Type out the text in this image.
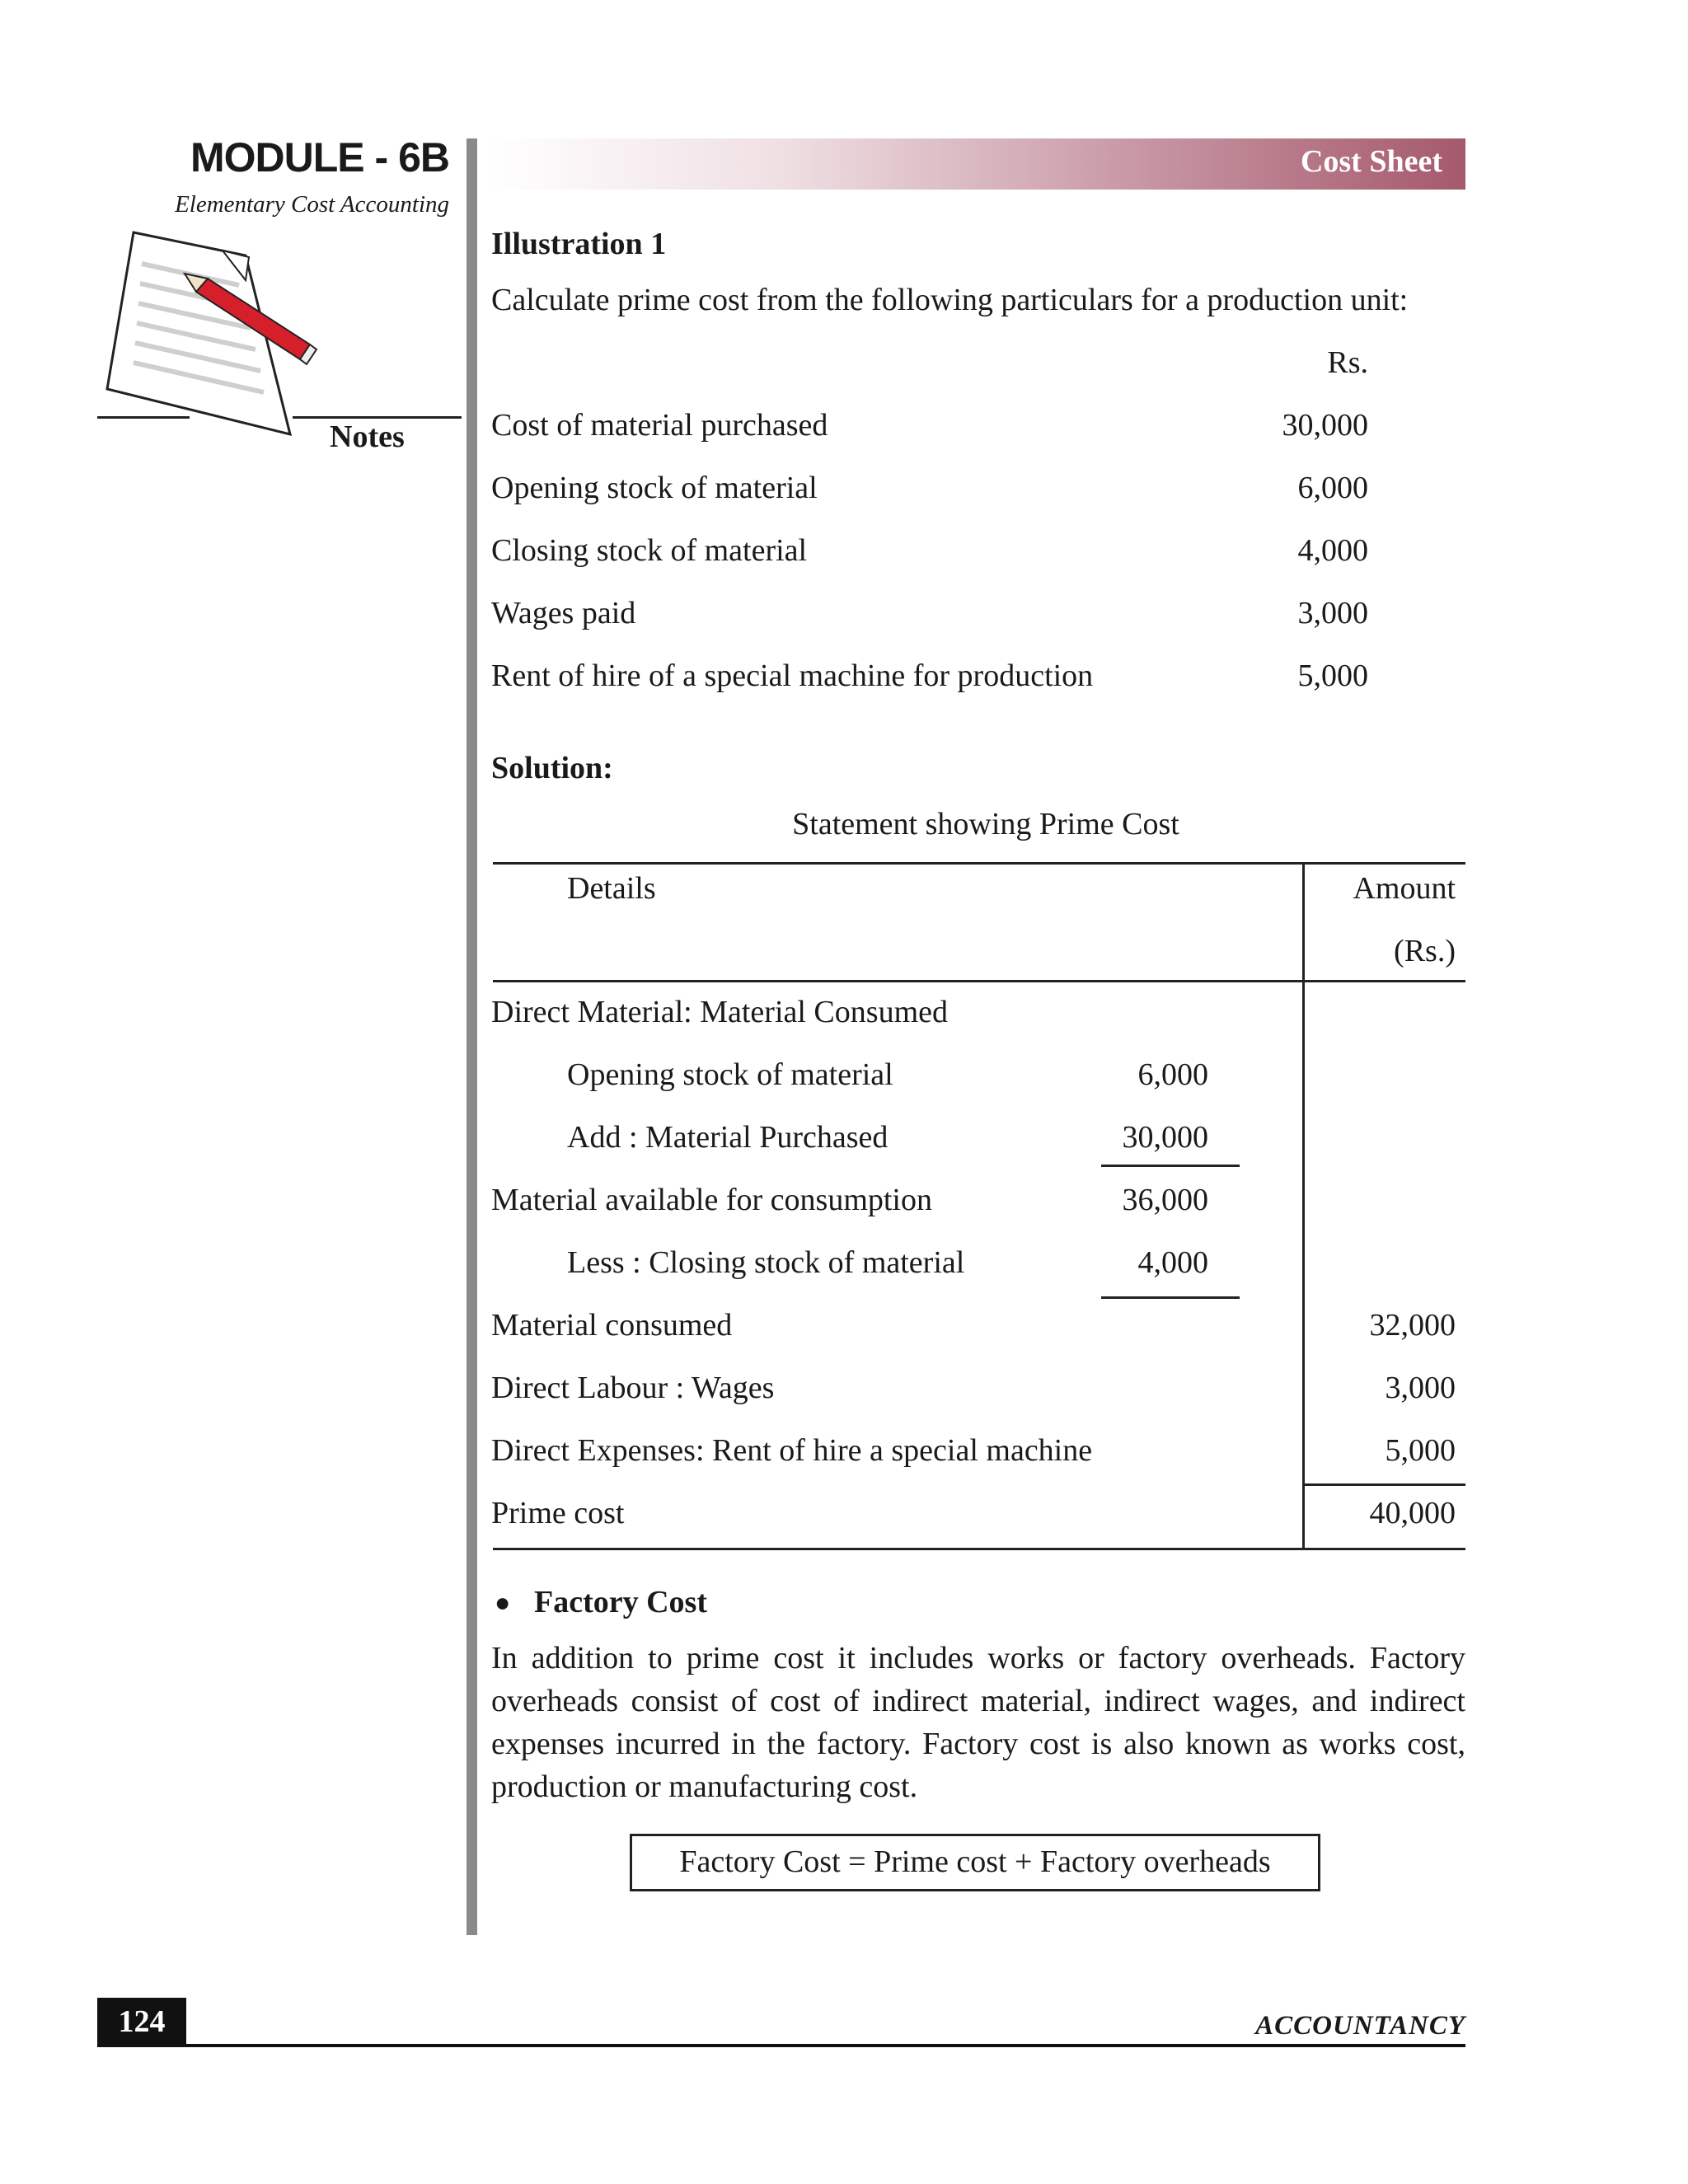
MODULE - 6B
Elementary Cost Accounting
Notes
Cost Sheet
Illustration 1
Calculate prime cost from the following particulars for a production unit:
Rs.
Cost of material purchased	30,000
Opening stock of material	6,000
Closing stock of material	4,000
Wages paid	3,000
Rent of hire of a special machine for production	5,000
Solution:
Statement showing Prime Cost
Details	Amount
(Rs.)
Direct Material: Material Consumed
Opening stock of material	6,000
Add : Material Purchased	30,000
Material available for consumption	36,000
Less : Closing stock of material	4,000
Material consumed	32,000
Direct Labour : Wages	3,000
Direct Expenses: Rent of hire a special machine	5,000
Prime cost	40,000
● Factory Cost
In addition to prime cost it includes works or factory overheads. Factory
overheads consist of cost of indirect material, indirect wages, and indirect
expenses incurred in the factory. Factory cost is also known as works cost,
production or manufacturing cost.
Factory Cost = Prime cost + Factory overheads
124	ACCOUNTANCY
